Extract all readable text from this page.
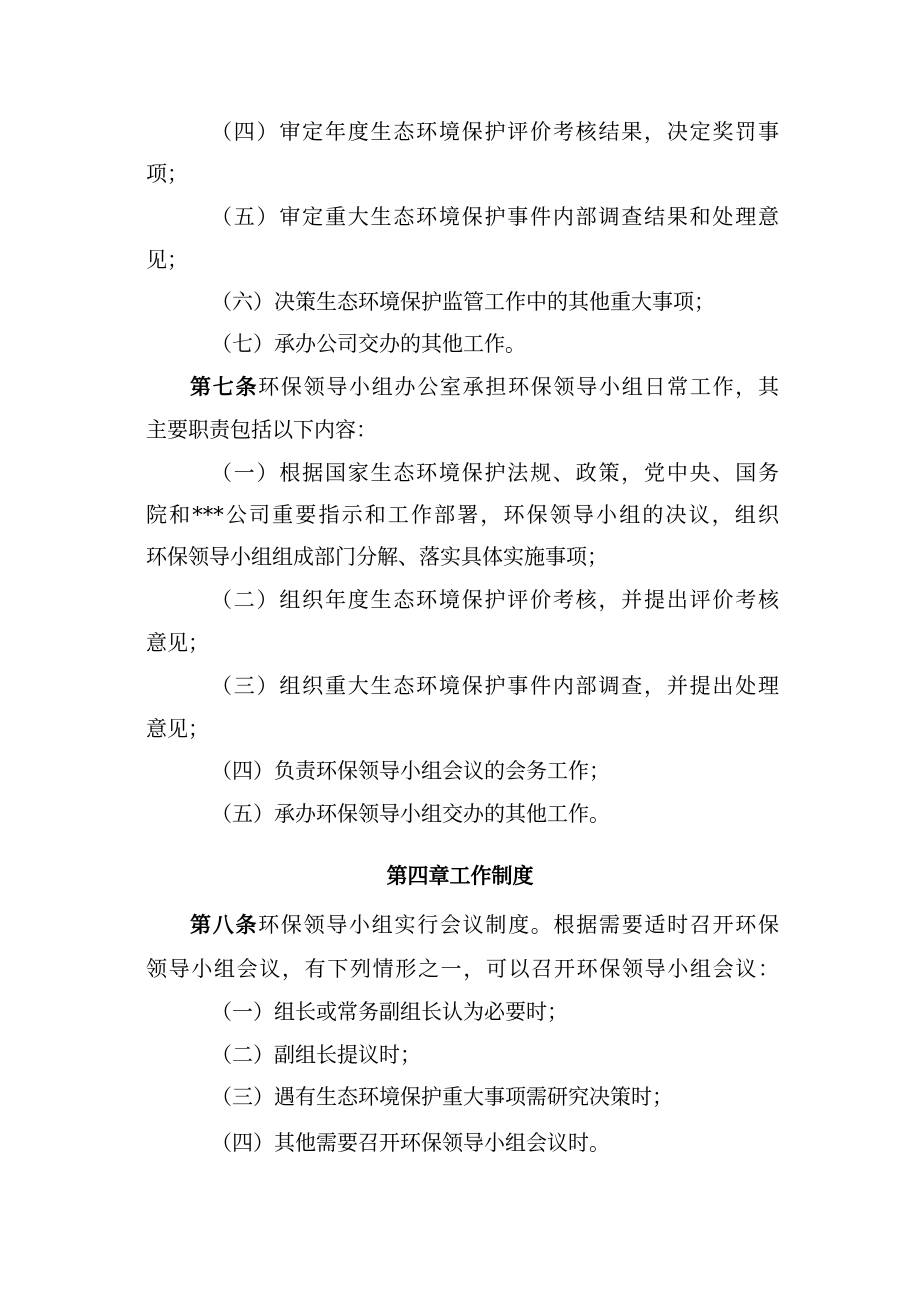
（四）审定年度生态环境保护评价考核结果，决定奖罚事

项；

（五）审定重大生态环境保护事件内部调查结果和处理意

见；

（六）决策生态环境保护监管工作中的其他重大事项；

（七）承办公司交办的其他工作。

第七条环保领导小组办公室承担环保领导小组日常工作，其

主要职责包括以下内容：

（一）根据国家生态环境保护法规、政策，党中央、国务

院和***公司重要指示和工作部署，环保领导小组的决议，组织

环保领导小组组成部门分解、落实具体实施事项；

（二）组织年度生态环境保护评价考核，并提出评价考核

意见；

（三）组织重大生态环境保护事件内部调查，并提出处理

意见；

（四）负责环保领导小组会议的会务工作；

（五）承办环保领导小组交办的其他工作。

第四章工作制度

第八条环保领导小组实行会议制度。根据需要适时召开环保

领导小组会议，有下列情形之一，可以召开环保领导小组会议：

（一）组长或常务副组长认为必要时；

（二）副组长提议时；

（三）遇有生态环境保护重大事项需研究决策时；

（四）其他需要召开环保领导小组会议时。
